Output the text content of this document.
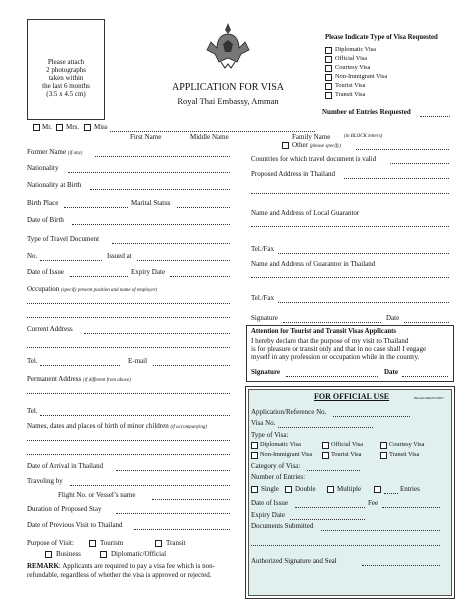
Please attach
2 photographs
taken within
the last 6 months
(3.5 x 4.5 cm)
APPLICATION FOR VISA
Royal Thai Embassy, Amman
Please Indicate Type of Visa Requested
Diplomatic Visa
Official Visa
Courtesy Visa
Non-Immigrant Visa
Tourist Visa
Transit Visa
Number of Entries Requested
Mr. Mrs. Miss
First Name	Middle Name	Family Name	(in BLOCK letters)
Former Name (if any)
Nationality
Nationality at Birth
Birth Place	Marital Status
Date of Birth
Type of Travel Document
No.	Issued at
Date of Issue	Expiry Date
Occupation (specify present position and name of employer)
Current Address
Tel.	E-mail
Permanent Address (if different from above)
Tel.
Names, dates and places of birth of minor children (if accompanying)
Date of Arrival in Thailand
Traveling by
Flight No. or Vessel’s name
Duration of Proposed Stay
Date of Previous Visit to Thailand
Purpose of Visit:	Tourism	Transit
Business	Diplomatic/Official
REMARK: Applicants are required to pay a visa fee which is non-
refundable, regardless of whether the visa is approved or rejected.
Other (please specify)
Countries for which travel document is valid
Proposed Address in Thailand
Name and Address of Local Guarantor
Tel./Fax
Name and Address of Guarantor in Thailand
Tel./Fax
Signature	Date
Attention for Tourist and Transit Visas Applicants
I hereby declare that the purpose of my visit to Thailand
is for pleasure or transit only and that in no case shall I engage
myself in any profession or occupation while in the country.
Signature	Date
FOR OFFICIAL USE	Hnsotn/dhm/05/2007
Application/Reference No.
Visa No.
Type of Visa:
Diplomatic Visa	Official Visa	Courtesy Visa
Non-Immigrant Visa	Tourist Visa	Transit Visa
Category of Visa:
Number of Entries:
Single Double	Multiple	Entries
Date of Issue	Fee
Expiry Date
Documents Submitted
Authorized Signature and Seal
